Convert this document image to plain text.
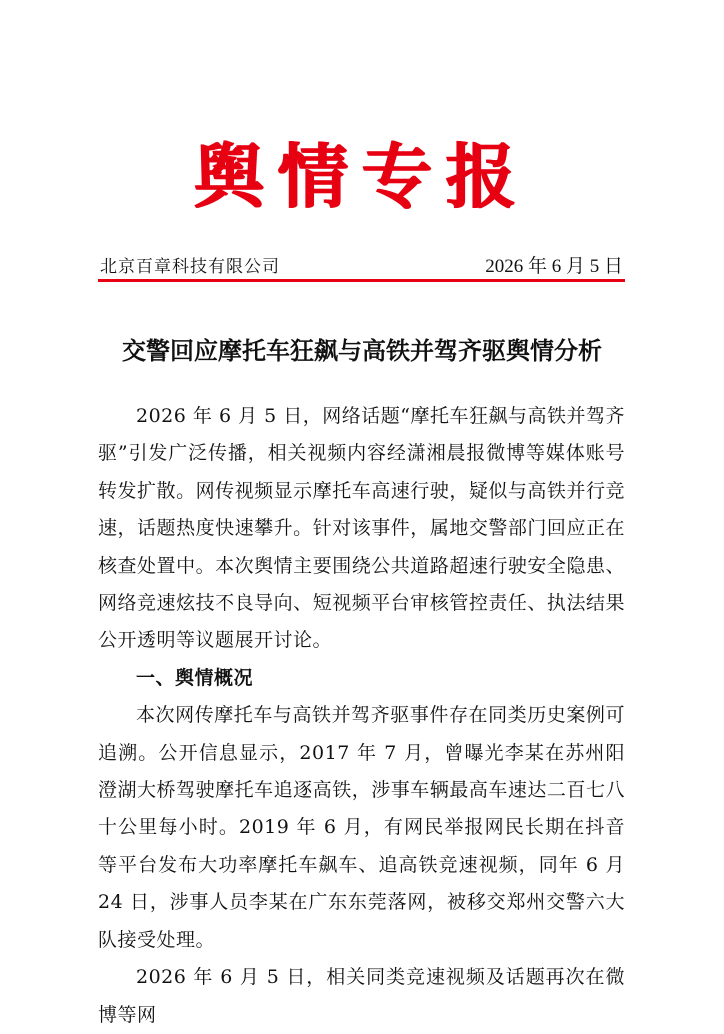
舆情专报
北京百章科技有限公司	2026 年 6 月 5 日
交警回应摩托车狂飙与高铁并驾齐驱舆情分析

2026 年 6 月 5 日，网络话题“摩托车狂飙与高铁并驾齐驱”引发广泛传播，相关视频内容经潇湘晨报微博等媒体账号转发扩散。网传视频显示摩托车高速行驶，疑似与高铁并行竞速，话题热度快速攀升。针对该事件，属地交警部门回应正在核查处置中。本次舆情主要围绕公共道路超速行驶安全隐患、网络竞速炫技不良导向、短视频平台审核管控责任、执法结果公开透明等议题展开讨论。

一、舆情概况

本次网传摩托车与高铁并驾齐驱事件存在同类历史案例可追溯。公开信息显示，2017 年 7 月，曾曝光李某在苏州阳澄湖大桥驾驶摩托车追逐高铁，涉事车辆最高车速达二百七八十公里每小时。2019 年 6 月，有网民举报网民长期在抖音等平台发布大功率摩托车飙车、追高铁竞速视频，同年 6 月 24 日，涉事人员李某在广东东莞落网，被移交郑州交警六大队接受处理。

2026 年 6 月 5 日，相关同类竞速视频及话题再次在微博等网
